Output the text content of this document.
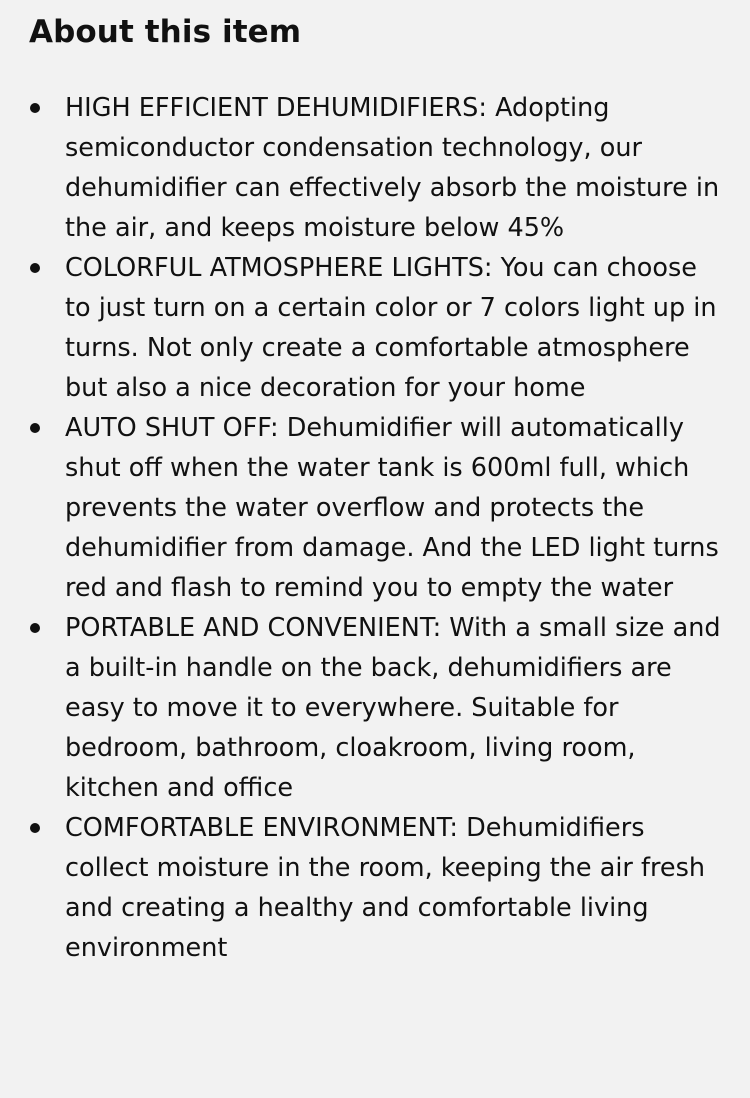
About this item
HIGH EFFICIENT DEHUMIDIFIERS: Adopting semiconductor condensation technology, our dehumidifier can effectively absorb the moisture in the air, and keeps moisture below 45%
COLORFUL ATMOSPHERE LIGHTS: You can choose to just turn on a certain color or 7 colors light up in turns. Not only create a comfortable atmosphere but also a nice decoration for your home
AUTO SHUT OFF: Dehumidifier will automatically shut off when the water tank is 600ml full, which prevents the water overflow and protects the dehumidifier from damage. And the LED light turns red and flash to remind you to empty the water
PORTABLE AND CONVENIENT: With a small size and a built-in handle on the back, dehumidifiers are easy to move it to everywhere. Suitable for bedroom, bathroom, cloakroom, living room, kitchen and office
COMFORTABLE ENVIRONMENT: Dehumidifiers collect moisture in the room, keeping the air fresh and creating a healthy and comfortable living environment
